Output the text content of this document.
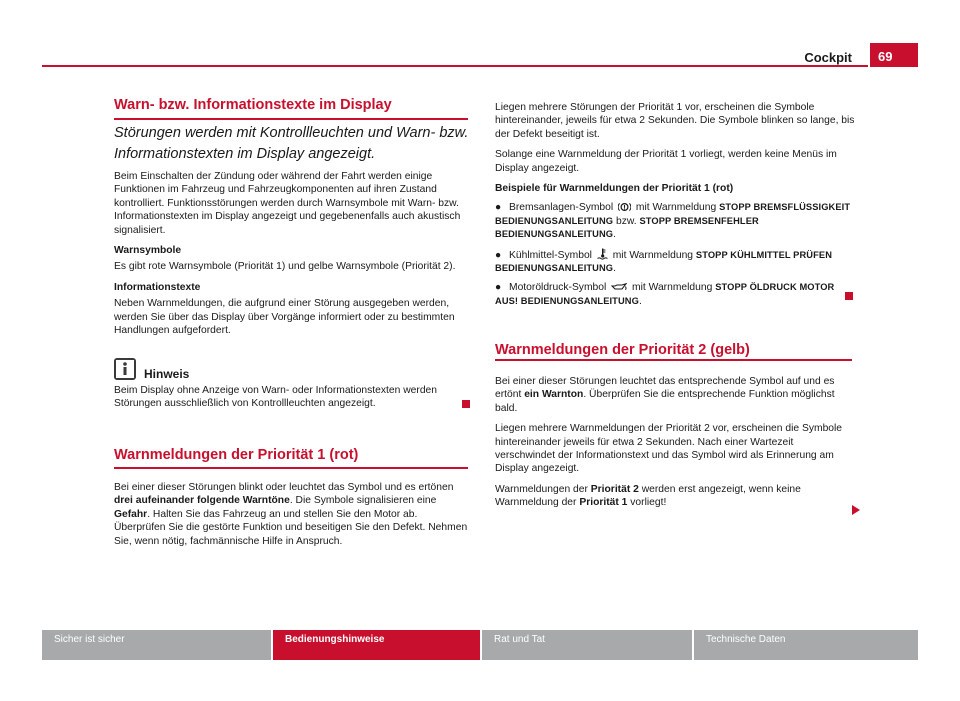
Cockpit	69
Warn- bzw. Informationstexte im Display
Störungen werden mit Kontrollleuchten und Warn- bzw. Informationstexten im Display angezeigt.

Beim Einschalten der Zündung oder während der Fahrt werden einige Funktionen im Fahrzeug und Fahrzeugkomponenten auf ihren Zustand kontrolliert. Funktionsstörungen werden durch Warnsymbole mit Warn- bzw. Informationstexten im Display angezeigt und gegebenenfalls auch akustisch signalisiert.

Warnsymbole

Es gibt rote Warnsymbole (Priorität 1) und gelbe Warnsymbole (Priorität 2).

Informationstexte

Neben Warnmeldungen, die aufgrund einer Störung ausgegeben werden, werden Sie über das Display über Vorgänge informiert oder zu bestimmten Handlungen aufgefordert.

Hinweis

Beim Display ohne Anzeige von Warn- oder Informationstexten werden Störungen ausschließlich von Kontrollleuchten angezeigt.

Warnmeldungen der Priorität 1 (rot)

Bei einer dieser Störungen blinkt oder leuchtet das Symbol und es ertönen drei aufeinander folgende Warntöne. Die Symbole signalisieren eine Gefahr. Halten Sie das Fahrzeug an und stellen Sie den Motor ab. Überprüfen Sie die gestörte Funktion und beseitigen Sie den Defekt. Nehmen Sie, wenn nötig, fachmännische Hilfe in Anspruch.

Liegen mehrere Störungen der Priorität 1 vor, erscheinen die Symbole hintereinander, jeweils für etwa 2 Sekunden. Die Symbole blinken so lange, bis der Defekt beseitigt ist.

Solange eine Warnmeldung der Priorität 1 vorliegt, werden keine Menüs im Display angezeigt.

Beispiele für Warnmeldungen der Priorität 1 (rot)

● Bremsanlagen-Symbol ! mit Warnmeldung STOPP BREMSFLÜSSIGKEIT BEDIENUNGSANLEITUNG bzw. STOPP BREMSENFEHLER BEDIENUNGSANLEITUNG.

● Kühlmittel-Symbol mit Warnmeldung STOPP KÜHLMITTEL PRÜFEN BEDIENUNGSANLEITUNG.

● Motoröldruck-Symbol	mit Warnmeldung STOPP ÖLDRUCK MOTOR AUS! BEDIENUNGSANLEITUNG.

Warnmeldungen der Priorität 2 (gelb)

Bei einer dieser Störungen leuchtet das entsprechende Symbol auf und es ertönt ein Warnton. Überprüfen Sie die entsprechende Funktion möglichst bald.

Liegen mehrere Warnmeldungen der Priorität 2 vor, erscheinen die Symbole hintereinander jeweils für etwa 2 Sekunden. Nach einer Wartezeit verschwindet der Informationstext und das Symbol wird als Erinnerung am Display angezeigt.

Warnmeldungen der Priorität 2 werden erst angezeigt, wenn keine Warnmeldung der Priorität 1 vorliegt!

Sicher ist sicher	Bedienungshinweise	Rat und Tat	Technische Daten
